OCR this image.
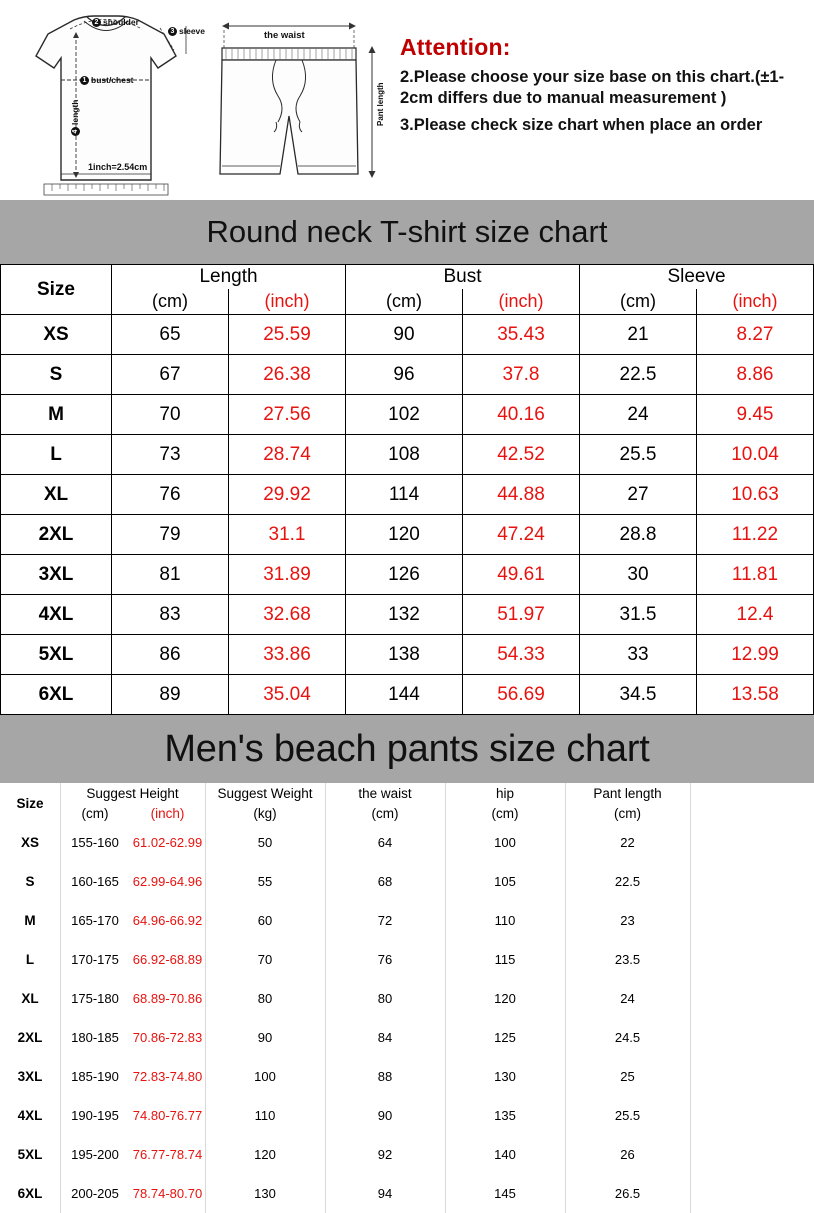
2 shoulder
3 sleeve
1 bust/chest
4length
1inch=2.54cm
the waist
Pant length
Attention:
2.Please choose your size base on this chart.(±1-2cm differs due to manual measurement )
3.Please check size chart when place an order
Round neck T-shirt size chart
Size	Length		Bust		Sleeve	
	(cm)	(inch)	(cm)	(inch)	(cm)	(inch)
XS	65	25.59	90	35.43	21	8.27
S	67	26.38	96	37.8	22.5	8.86
M	70	27.56	102	40.16	24	9.45
L	73	28.74	108	42.52	25.5	10.04
XL	76	29.92	114	44.88	27	10.63
2XL	79	31.1	120	47.24	28.8	11.22
3XL	81	31.89	126	49.61	30	11.81
4XL	83	32.68	132	51.97	31.5	12.4
5XL	86	33.86	138	54.33	33	12.99
6XL	89	35.04	144	56.69	34.5	13.58
Men's beach pants size chart
Size	Suggest Height		Suggest Weight	the waist	hip	Pant length	
	(cm)	(inch)	(kg)	(cm)	(cm)	(cm)	
XS	155-160	61.02-62.99	50	64	100	22	
S	160-165	62.99-64.96	55	68	105	22.5	
M	165-170	64.96-66.92	60	72	110	23	
L	170-175	66.92-68.89	70	76	115	23.5	
XL	175-180	68.89-70.86	80	80	120	24	
2XL	180-185	70.86-72.83	90	84	125	24.5	
3XL	185-190	72.83-74.80	100	88	130	25	
4XL	190-195	74.80-76.77	110	90	135	25.5	
5XL	195-200	76.77-78.74	120	92	140	26	
6XL	200-205	78.74-80.70	130	94	145	26.5	
